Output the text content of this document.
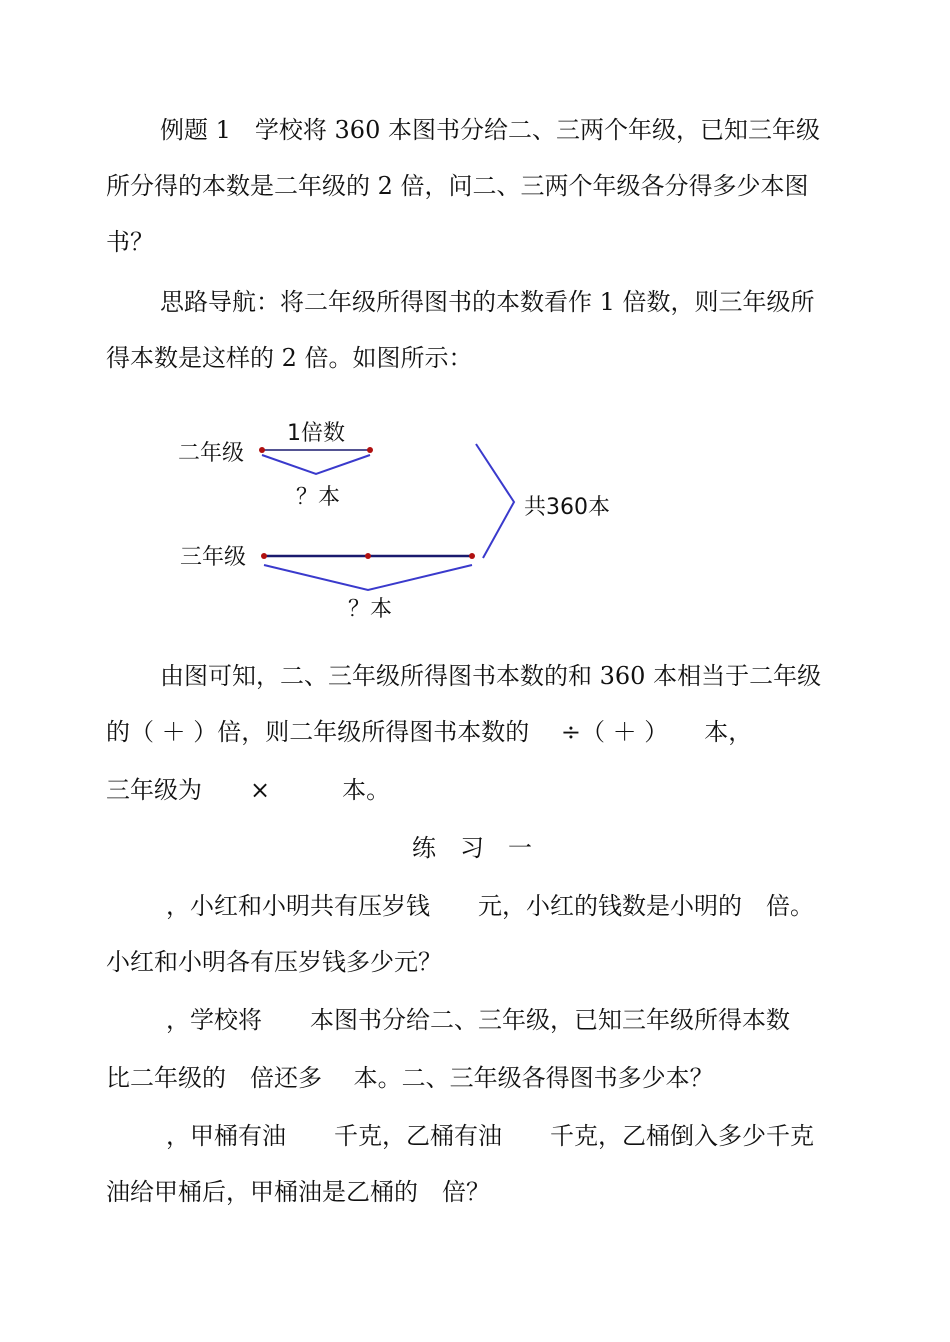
例题 1　学校将 360 本图书分给二、三两个年级，已知三年级
所分得的本数是二年级的 2 倍，问二、三两个年级各分得多少本图
书？
思路导航：将二年级所得图书的本数看作 1 倍数，则三年级所
得本数是这样的 2 倍。如图所示：
二年级
1倍数
？本	共360本
三年级
？本
由图可知，二、三年级所得图书本数的和 360 本相当于二年级
的（ ＋ ）倍，则二年级所得图书本数的　 ÷（ ＋ ）　　本，
三年级为　　×　　　本。
练　习　一
，小红和小明共有压岁钱　　元，小红的钱数是小明的　倍。
小红和小明各有压岁钱多少元？
，学校将　　本图书分给二、三年级，已知三年级所得本数
比二年级的　倍还多　 本。二、三年级各得图书多少本？
，甲桶有油　　千克，乙桶有油　　千克，乙桶倒入多少千克
油给甲桶后，甲桶油是乙桶的　倍？
